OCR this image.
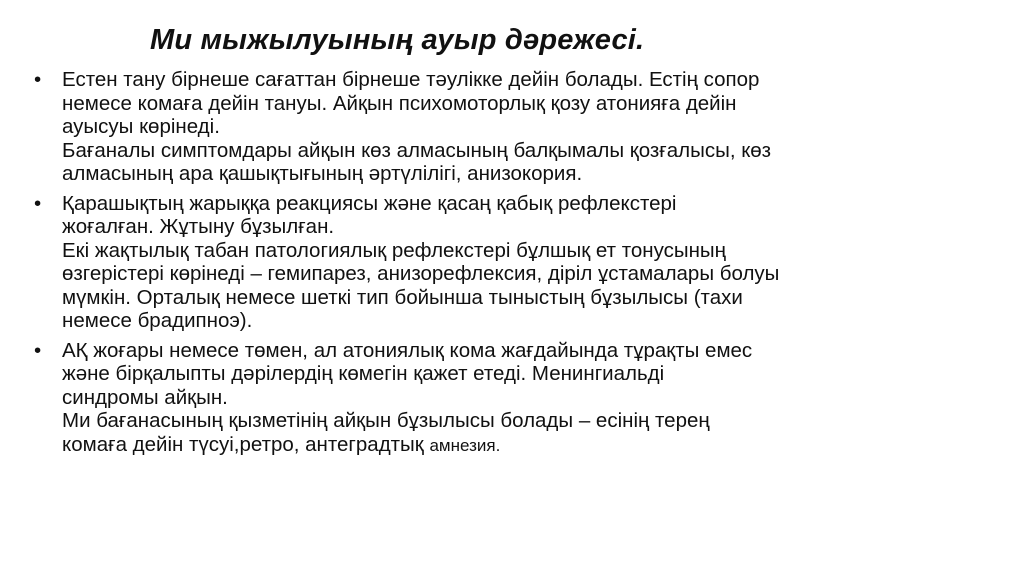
Ми мыжылуының ауыр дәрежесі.
•	Естен тану бірнеше сағаттан бірнеше тәулікке дейін болады. Естің сопор
немесе комаға дейін тануы. Айқын психомоторлық қозу атонияға дейін
ауысуы көрінеді.
Бағаналы симптомдары айқын көз алмасының балқымалы қозғалысы, көз
алмасының ара қашықтығының әртүлілігі, анизокория.
•	Қарашықтың жарыққа реакциясы және қасаң қабық рефлекстері
жоғалған. Жұтыну бұзылған.
Екі жақтылық табан патологиялық рефлекстері бұлшық ет тонусының
өзгерістері көрінеді – гемипарез, анизорефлексия, діріл ұстамалары болуы
мүмкін. Орталық немесе шеткі тип бойынша тыныстың бұзылысы (тахи
немесе брадипноэ).
•	АҚ жоғары немесе төмен, ал атониялық кома жағдайында тұрақты емес
және бірқалыпты дәрілердің көмегін қажет етеді. Менингиальді
синдромы айқын.
Ми бағанасының қызметінің айқын бұзылысы болады – есінің терең
комаға дейін түсуі,ретро, антеградтық амнезия.
